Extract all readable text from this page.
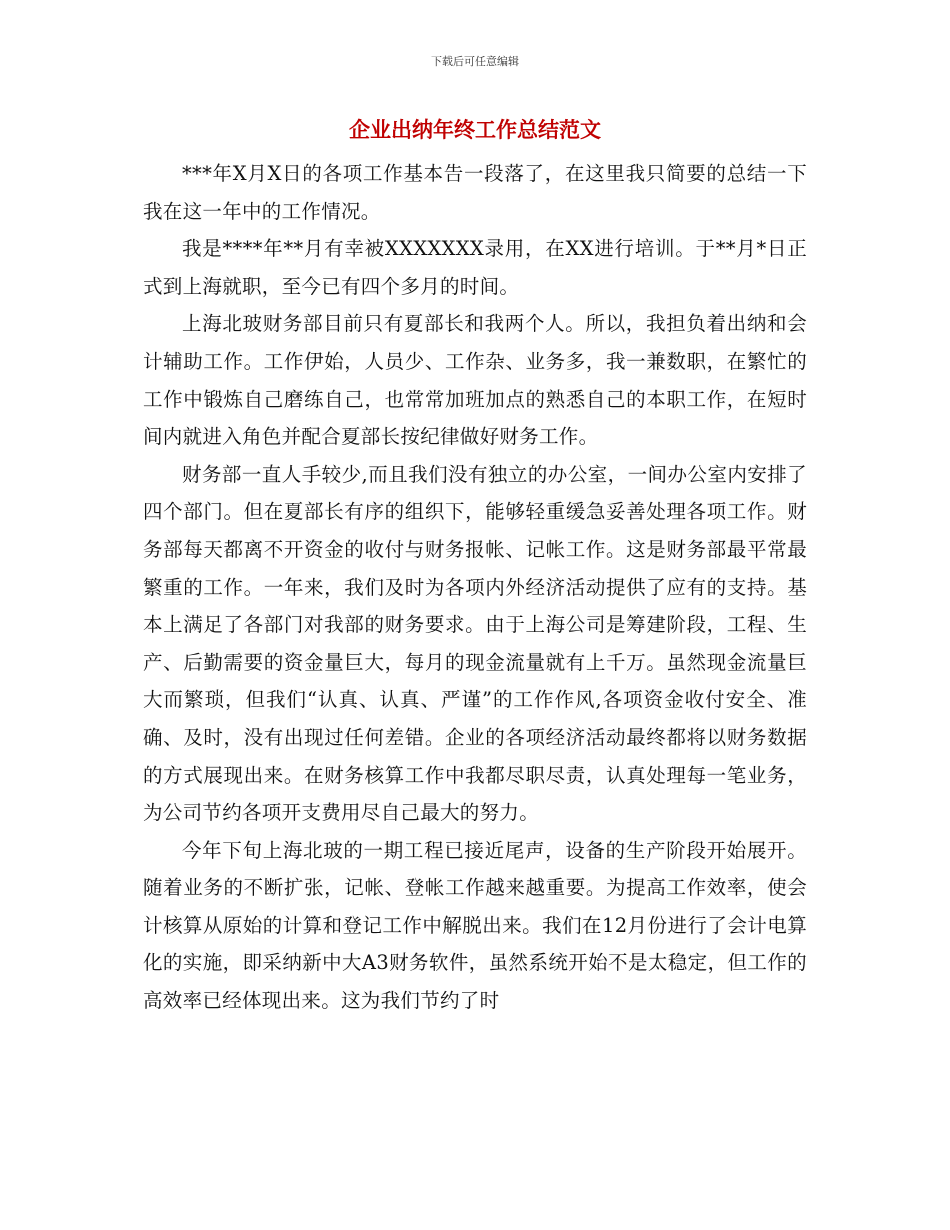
下载后可任意编辑
企业出纳年终工作总结范文

***年X月X日的各项工作基本告一段落了，在这里我只简要的总结一下我在这一年中的工作情况。

我是****年**月有幸被XXXXXXX录用，在XX进行培训。于**月*日正式到上海就职，至今已有四个多月的时间。

上海北玻财务部目前只有夏部长和我两个人。所以，我担负着出纳和会计辅助工作。工作伊始，人员少、工作杂、业务多，我一兼数职，在繁忙的工作中锻炼自己磨练自己，也常常加班加点的熟悉自己的本职工作，在短时间内就进入角色并配合夏部长按纪律做好财务工作。

财务部一直人手较少,而且我们没有独立的办公室，一间办公室内安排了四个部门。但在夏部长有序的组织下，能够轻重缓急妥善处理各项工作。财务部每天都离不开资金的收付与财务报帐、记帐工作。这是财务部最平常最繁重的工作。一年来，我们及时为各项内外经济活动提供了应有的支持。基本上满足了各部门对我部的财务要求。由于上海公司是筹建阶段，工程、生产、后勤需要的资金量巨大，每月的现金流量就有上千万。虽然现金流量巨大而繁琐，但我们“认真、认真、严谨”的工作作风,各项资金收付安全、准确、及时，没有出现过任何差错。企业的各项经济活动最终都将以财务数据的方式展现出来。在财务核算工作中我都尽职尽责，认真处理每一笔业务，为公司节约各项开支费用尽自己最大的努力。

今年下旬上海北玻的一期工程已接近尾声，设备的生产阶段开始展开。随着业务的不断扩张，记帐、登帐工作越来越重要。为提高工作效率，使会计核算从原始的计算和登记工作中解脱出来。我们在12月份进行了会计电算化的实施，即采纳新中大A3财务软件，虽然系统开始不是太稳定，但工作的高效率已经体现出来。这为我们节约了时
